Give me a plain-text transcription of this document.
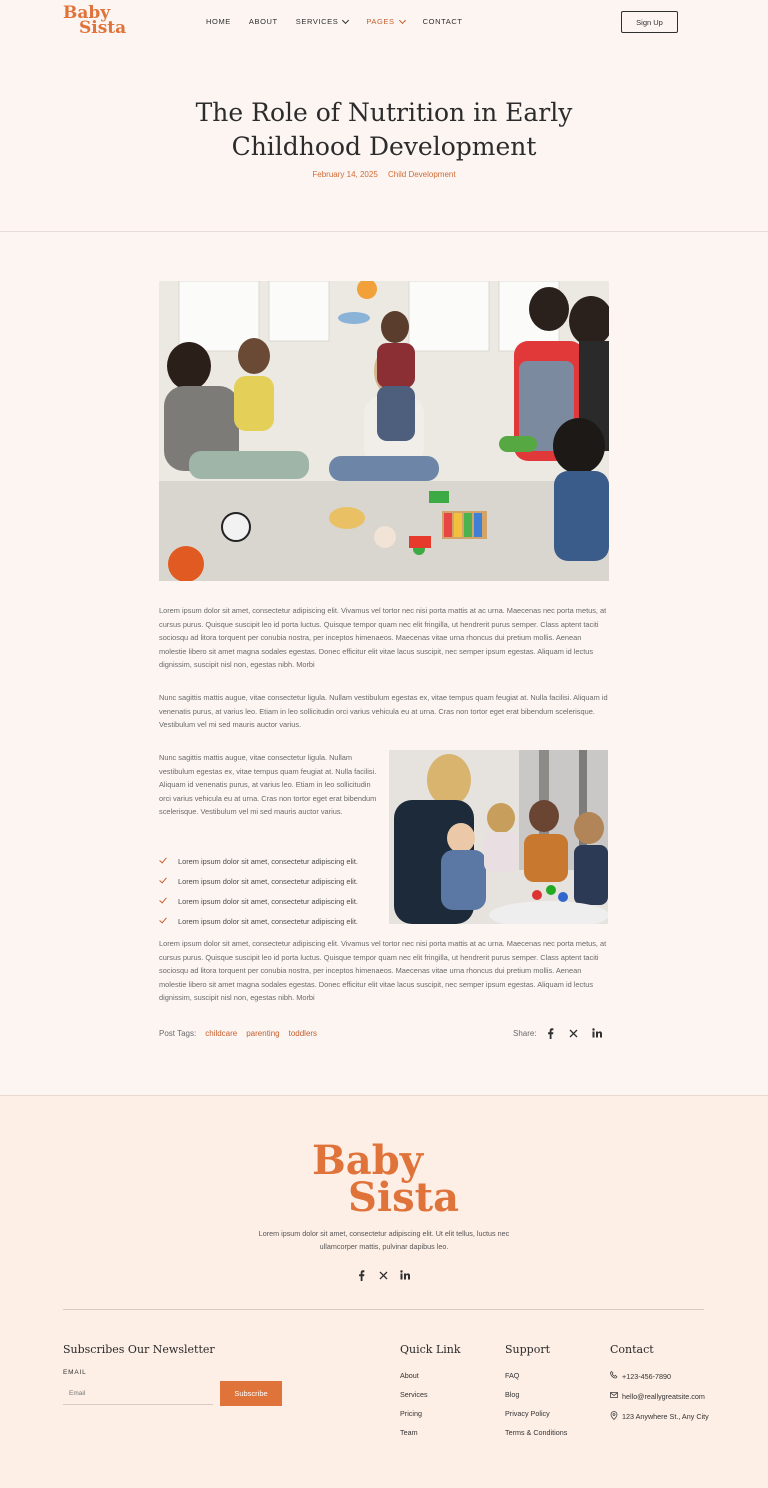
Baby
Sista	HOME ABOUT SERVICES	PAGES	CONTACT	Sign Up
The Role of Nutrition in Early Childhood Development
February 14, 2025 Child Development

Lorem ipsum dolor sit amet, consectetur adipiscing elit. Vivamus vel tortor nec nisi porta mattis at ac urna. Maecenas nec porta metus, at cursus purus. Quisque suscipit leo id porta luctus. Quisque tempor quam nec elit fringilla, ut hendrerit purus semper. Class aptent taciti sociosqu ad litora torquent per conubia nostra, per inceptos himenaeos. Maecenas vitae urna rhoncus dui pretium mollis. Aenean molestie libero sit amet magna sodales egestas. Donec efficitur elit vitae lacus suscipit, nec semper ipsum egestas. Aliquam id lectus dignissim, suscipit nisl non, egestas nibh. Morbi

Nunc sagittis mattis augue, vitae consectetur ligula. Nullam vestibulum egestas ex, vitae tempus quam feugiat at. Nulla facilisi. Aliquam id venenatis purus, at varius leo. Etiam in leo sollicitudin orci varius vehicula eu at urna. Cras non tortor eget erat bibendum scelerisque. Vestibulum vel mi sed mauris auctor varius.

Nunc sagittis mattis augue, vitae consectetur ligula. Nullam vestibulum egestas ex, vitae tempus quam feugiat at. Nulla facilisi. Aliquam id venenatis purus, at varius leo. Etiam in leo sollicitudin orci varius vehicula eu at urna. Cras non tortor eget erat bibendum scelerisque. Vestibulum vel mi sed mauris auctor varius.

Lorem ipsum dolor sit amet, consectetur adipiscing elit.
Lorem ipsum dolor sit amet, consectetur adipiscing elit.
Lorem ipsum dolor sit amet, consectetur adipiscing elit.
Lorem ipsum dolor sit amet, consectetur adipiscing elit.

Lorem ipsum dolor sit amet, consectetur adipiscing elit. Vivamus vel tortor nec nisi porta mattis at ac urna. Maecenas nec porta metus, at cursus purus. Quisque suscipit leo id porta luctus. Quisque tempor quam nec elit fringilla, ut hendrerit purus semper. Class aptent taciti sociosqu ad litora torquent per conubia nostra, per inceptos himenaeos. Maecenas vitae urna rhoncus dui pretium mollis. Aenean molestie libero sit amet magna sodales egestas. Donec efficitur elit vitae lacus suscipit, nec semper ipsum egestas. Aliquam id lectus dignissim, suscipit nisl non, egestas nibh. Morbi

Post Tags: childcare parenting toddlers	Share:
Baby
Sista

Lorem ipsum dolor sit amet, consectetur adipiscing elit. Ut elit tellus, luctus nec ullamcorper mattis, pulvinar dapibus leo.

Subscribes Our Newsletter
EMAIL
Email
Subscribe
Quick Link
About
Services
Pricing
Team
Support
FAQ
Blog
Privacy Policy
Terms & Conditions
Contact
+123-456-7890
hello@reallygreatsite.com
123 Anywhere St., Any City
